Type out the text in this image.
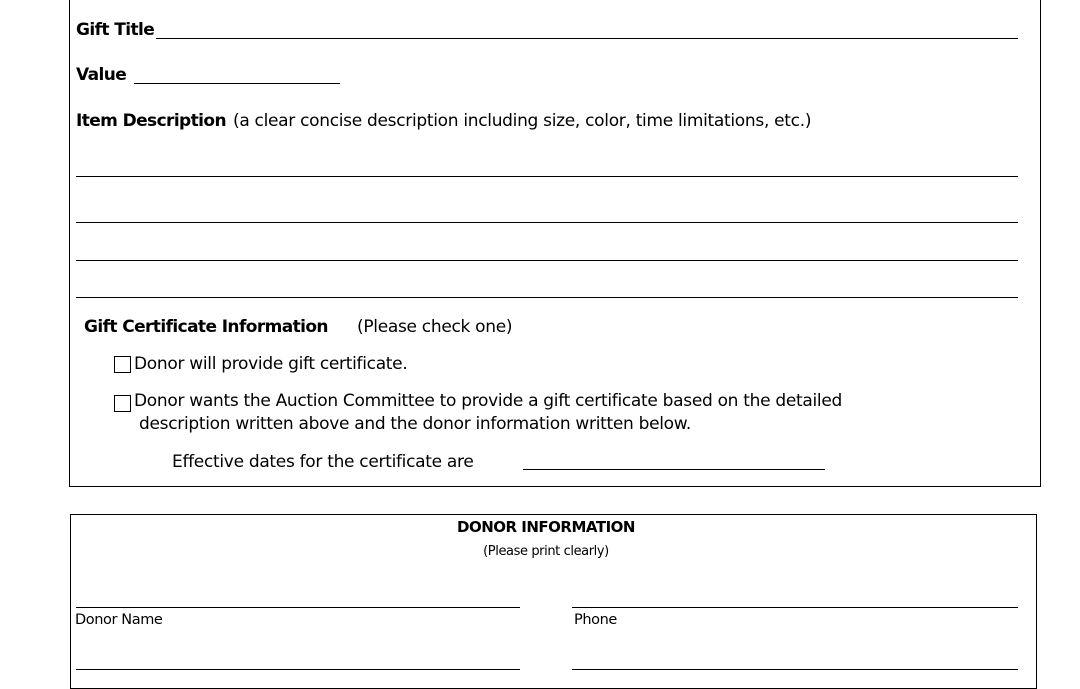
Gift Title
Value
Item Description (a clear concise description including size, color, time limitations, etc.)
Gift Certificate Information (Please check one)
Donor will provide gift certificate.
Donor wants the Auction Committee to provide a gift certificate based on the detailed
description written above and the donor information written below.
Effective dates for the certificate are
DONOR INFORMATION
(Please print clearly)
Donor Name	Phone
